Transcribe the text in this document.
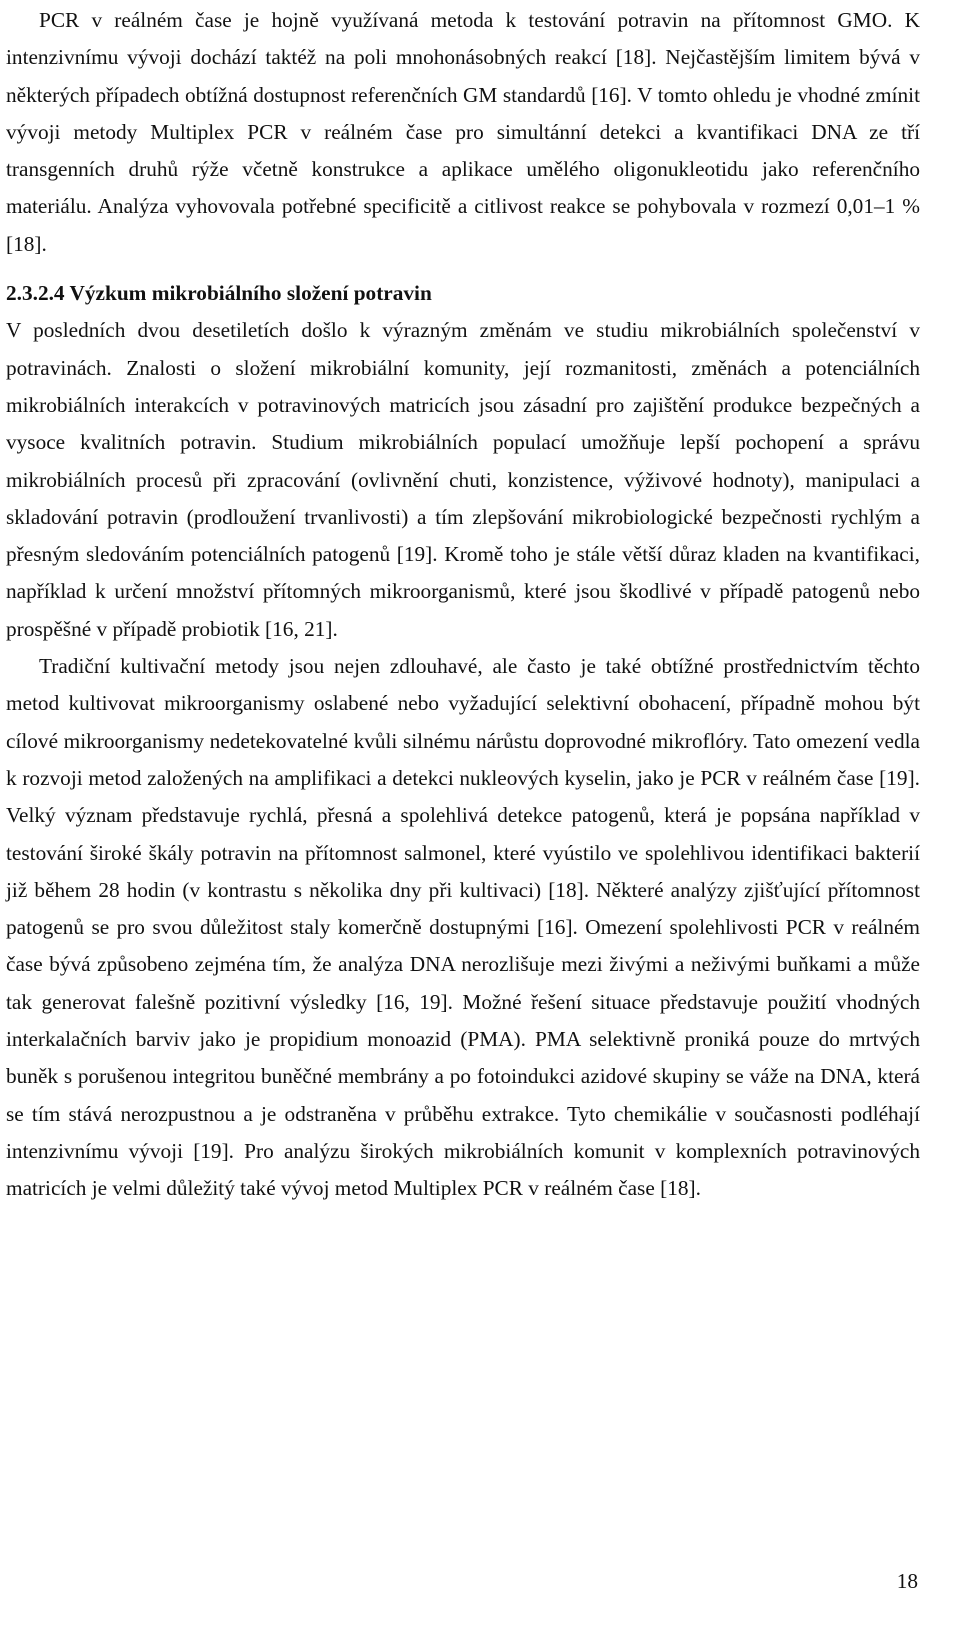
PCR v reálném čase je hojně využívaná metoda k testování potravin na přítomnost GMO. K intenzivnímu vývoji dochází taktéž na poli mnohonásobných reakcí [18]. Nejčastějším limitem bývá v některých případech obtížná dostupnost referenčních GM standardů [16]. V tomto ohledu je vhodné zmínit vývoji metody Multiplex PCR v reálném čase pro simultánní detekci a kvantifikaci DNA ze tří transgenních druhů rýže včetně konstrukce a aplikace umělého oligonukleotidu jako referenčního materiálu. Analýza vyhovovala potřebné specificitě a citlivost reakce se pohybovala v rozmezí 0,01–1 % [18].

2.3.2.4 Výzkum mikrobiálního složení potravin

V posledních dvou desetiletích došlo k výrazným změnám ve studiu mikrobiálních společenství v potravinách. Znalosti o složení mikrobiální komunity, její rozmanitosti, změnách a potenciálních mikrobiálních interakcích v potravinových matricích jsou zásadní pro zajištění produkce bezpečných a vysoce kvalitních potravin. Studium mikrobiálních populací umožňuje lepší pochopení a správu mikrobiálních procesů při zpracování (ovlivnění chuti, konzistence, výživové hodnoty), manipulaci a skladování potravin (prodloužení trvanlivosti) a tím zlepšování mikrobiologické bezpečnosti rychlým a přesným sledováním potenciálních patogenů [19]. Kromě toho je stále větší důraz kladen na kvantifikaci, například k určení množství přítomných mikroorganismů, které jsou škodlivé v případě patogenů nebo prospěšné v případě probiotik [16, 21].

Tradiční kultivační metody jsou nejen zdlouhavé, ale často je také obtížné prostřednictvím těchto metod kultivovat mikroorganismy oslabené nebo vyžadující selektivní obohacení, případně mohou být cílové mikroorganismy nedetekovatelné kvůli silnému nárůstu doprovodné mikroflóry. Tato omezení vedla k rozvoji metod založených na amplifikaci a detekci nukleových kyselin, jako je PCR v reálném čase [19]. Velký význam představuje rychlá, přesná a spolehlivá detekce patogenů, která je popsána například v testování široké škály potravin na přítomnost salmonel, které vyústilo ve spolehlivou identifikaci bakterií již během 28 hodin (v kontrastu s několika dny při kultivaci) [18]. Některé analýzy zjišťující přítomnost patogenů se pro svou důležitost staly komerčně dostupnými [16]. Omezení spolehlivosti PCR v reálném čase bývá způsobeno zejména tím, že analýza DNA nerozlišuje mezi živými a neživými buňkami a může tak generovat falešně pozitivní výsledky [16, 19]. Možné řešení situace představuje použití vhodných interkalačních barviv jako je propidium monoazid (PMA). PMA selektivně proniká pouze do mrtvých buněk s porušenou integritou buněčné membrány a po fotoindukci azidové skupiny se váže na DNA, která se tím stává nerozpustnou a je odstraněna v průběhu extrakce. Tyto chemikálie v současnosti podléhají intenzivnímu vývoji [19]. Pro analýzu širokých mikrobiálních komunit v komplexních potravinových matricích je velmi důležitý také vývoj metod Multiplex PCR v reálném čase [18].

18
